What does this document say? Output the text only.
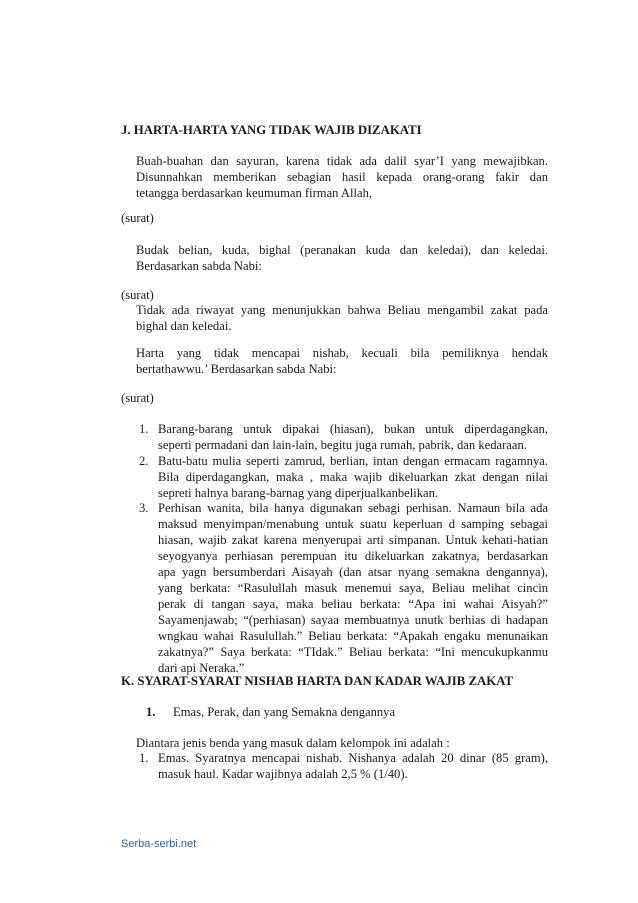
J. HARTA-HARTA YANG TIDAK WAJIB DIZAKATI
Buah-buahan dan sayuran, karena tidak ada dalil syar’I yang mewajibkan.
Disunnahkan memberikan sebagian hasil kepada orang-orang fakir dan
tetangga berdasarkan keumuman firman Allah,
(surat)
Budak belian, kuda, bighal (peranakan kuda dan keledai), dan keledai.
Berdasarkan sabda Nabi:
(surat)
Tidak ada riwayat yang menunjukkan bahwa Beliau mengambil zakat pada
bighal dan keledai.
Harta yang tidak mencapai nishab, kecuali bila pemiliknya hendak
bertathawwu.’ Berdasarkan sabda Nabi:
(surat)
1. Barang-barang untuk dipakai (hiasan), bukan untuk diperdagangkan,
seperti permadani dan lain-lain, begitu juga rumah, pabrik, dan kedaraan.
2. Batu-batu mulia seperti zamrud, berlian, intan dengan ermacam ragamnya.
Bila diperdagangkan, maka , maka wajib dikeluarkan zkat dengan nilai
sepreti halnya barang-barnag yang diperjualkanbelikan.
3. Perhisan wanita, bila hanya digunakan sebagi perhisan. Namaun bila ada
maksud menyimpan/menabung untuk suatu keperluan d samping sebagai
hiasan, wajib zakat karena menyerupai arti simpanan. Untuk kehati-hatian
seyogyanya perhiasan perempuan itu dikeluarkan zakatnya, berdasarkan
apa yagn bersumberdari Aisayah (dan atsar nyang semakna dengannya),
yang berkata: “Rasulullah masuk menemui saya, Beliau melihat cincin
perak di tangan saya, maka beliau berkata: “Apa ini wahai Aisyah?”
Sayamenjawab; “(perhiasan) sayaa membuatnya unutk berhias di hadapan
wngkau wahai Rasulullah.” Beliau berkata: “Apakah engaku menunaikan
zakatnya?” Saya berkata: “TIdak.” Beliau berkata: “Ini mencukupkanmu
dari api Neraka.”
K. SYARAT-SYARAT NISHAB HARTA DAN KADAR WAJIB ZAKAT
1. Emas, Perak, dan yang Semakna dengannya
Diantara jenis benda yang masuk dalam kelompok ini adalah :
1. Emas. Syaratnya mencapai nishab. Nishanya adalah 20 dinar (85 gram),
masuk haul. Kadar wajibnya adalah 2,5 % (1/40).
Serba-serbi.net
